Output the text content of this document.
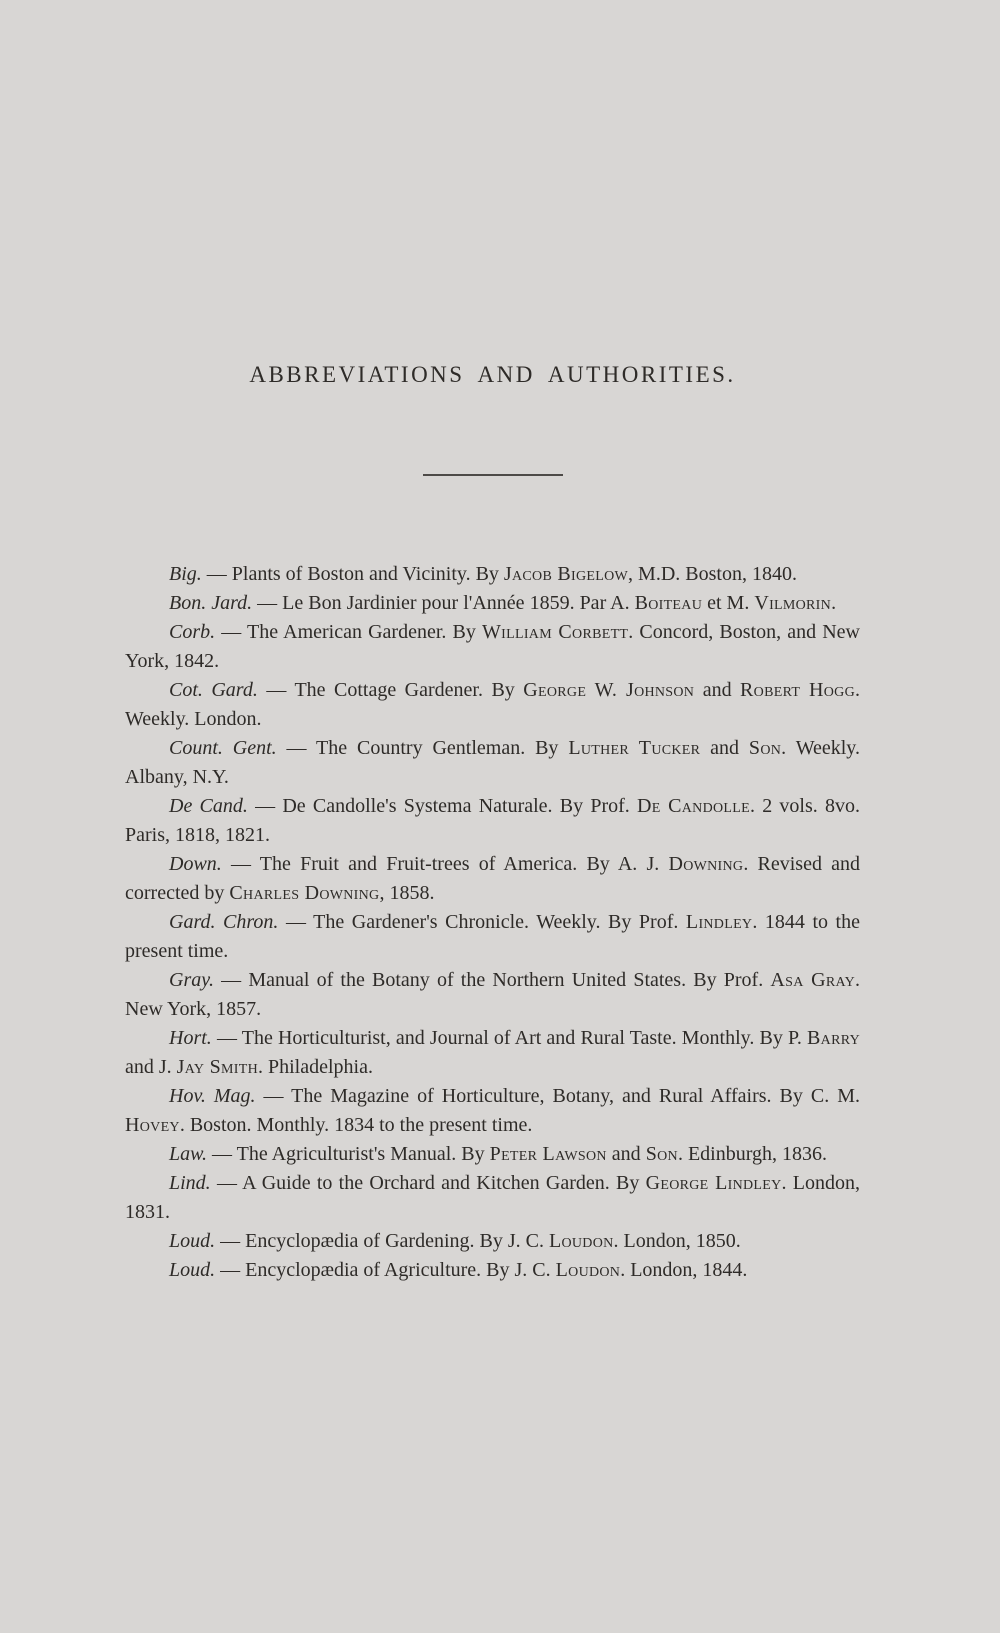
ABBREVIATIONS AND AUTHORITIES.

Big. — Plants of Boston and Vicinity. By Jacob Bigelow, M.D. Boston, 1840.

Bon. Jard. — Le Bon Jardinier pour l'Année 1859. Par A. Boiteau et M. Vilmorin.

Corb. — The American Gardener. By William Corbett. Concord, Boston, and New York, 1842.

Cot. Gard. — The Cottage Gardener. By George W. Johnson and Robert Hogg. Weekly. London.

Count. Gent. — The Country Gentleman. By Luther Tucker and Son. Weekly. Albany, N.Y.

De Cand. — De Candolle's Systema Naturale. By Prof. De Candolle. 2 vols. 8vo. Paris, 1818, 1821.

Down. — The Fruit and Fruit-trees of America. By A. J. Downing. Revised and corrected by Charles Downing, 1858.

Gard. Chron. — The Gardener's Chronicle. Weekly. By Prof. Lindley. 1844 to the present time.

Gray. — Manual of the Botany of the Northern United States. By Prof. Asa Gray. New York, 1857.

Hort. — The Horticulturist, and Journal of Art and Rural Taste. Monthly. By P. Barry and J. Jay Smith. Philadelphia.

Hov. Mag. — The Magazine of Horticulture, Botany, and Rural Affairs. By C. M. Hovey. Boston. Monthly. 1834 to the present time.

Law. — The Agriculturist's Manual. By Peter Lawson and Son. Edinburgh, 1836.

Lind. — A Guide to the Orchard and Kitchen Garden. By George Lindley. London, 1831.

Loud. — Encyclopædia of Gardening. By J. C. Loudon. London, 1850.

Loud. — Encyclopædia of Agriculture. By J. C. Loudon. London, 1844.
